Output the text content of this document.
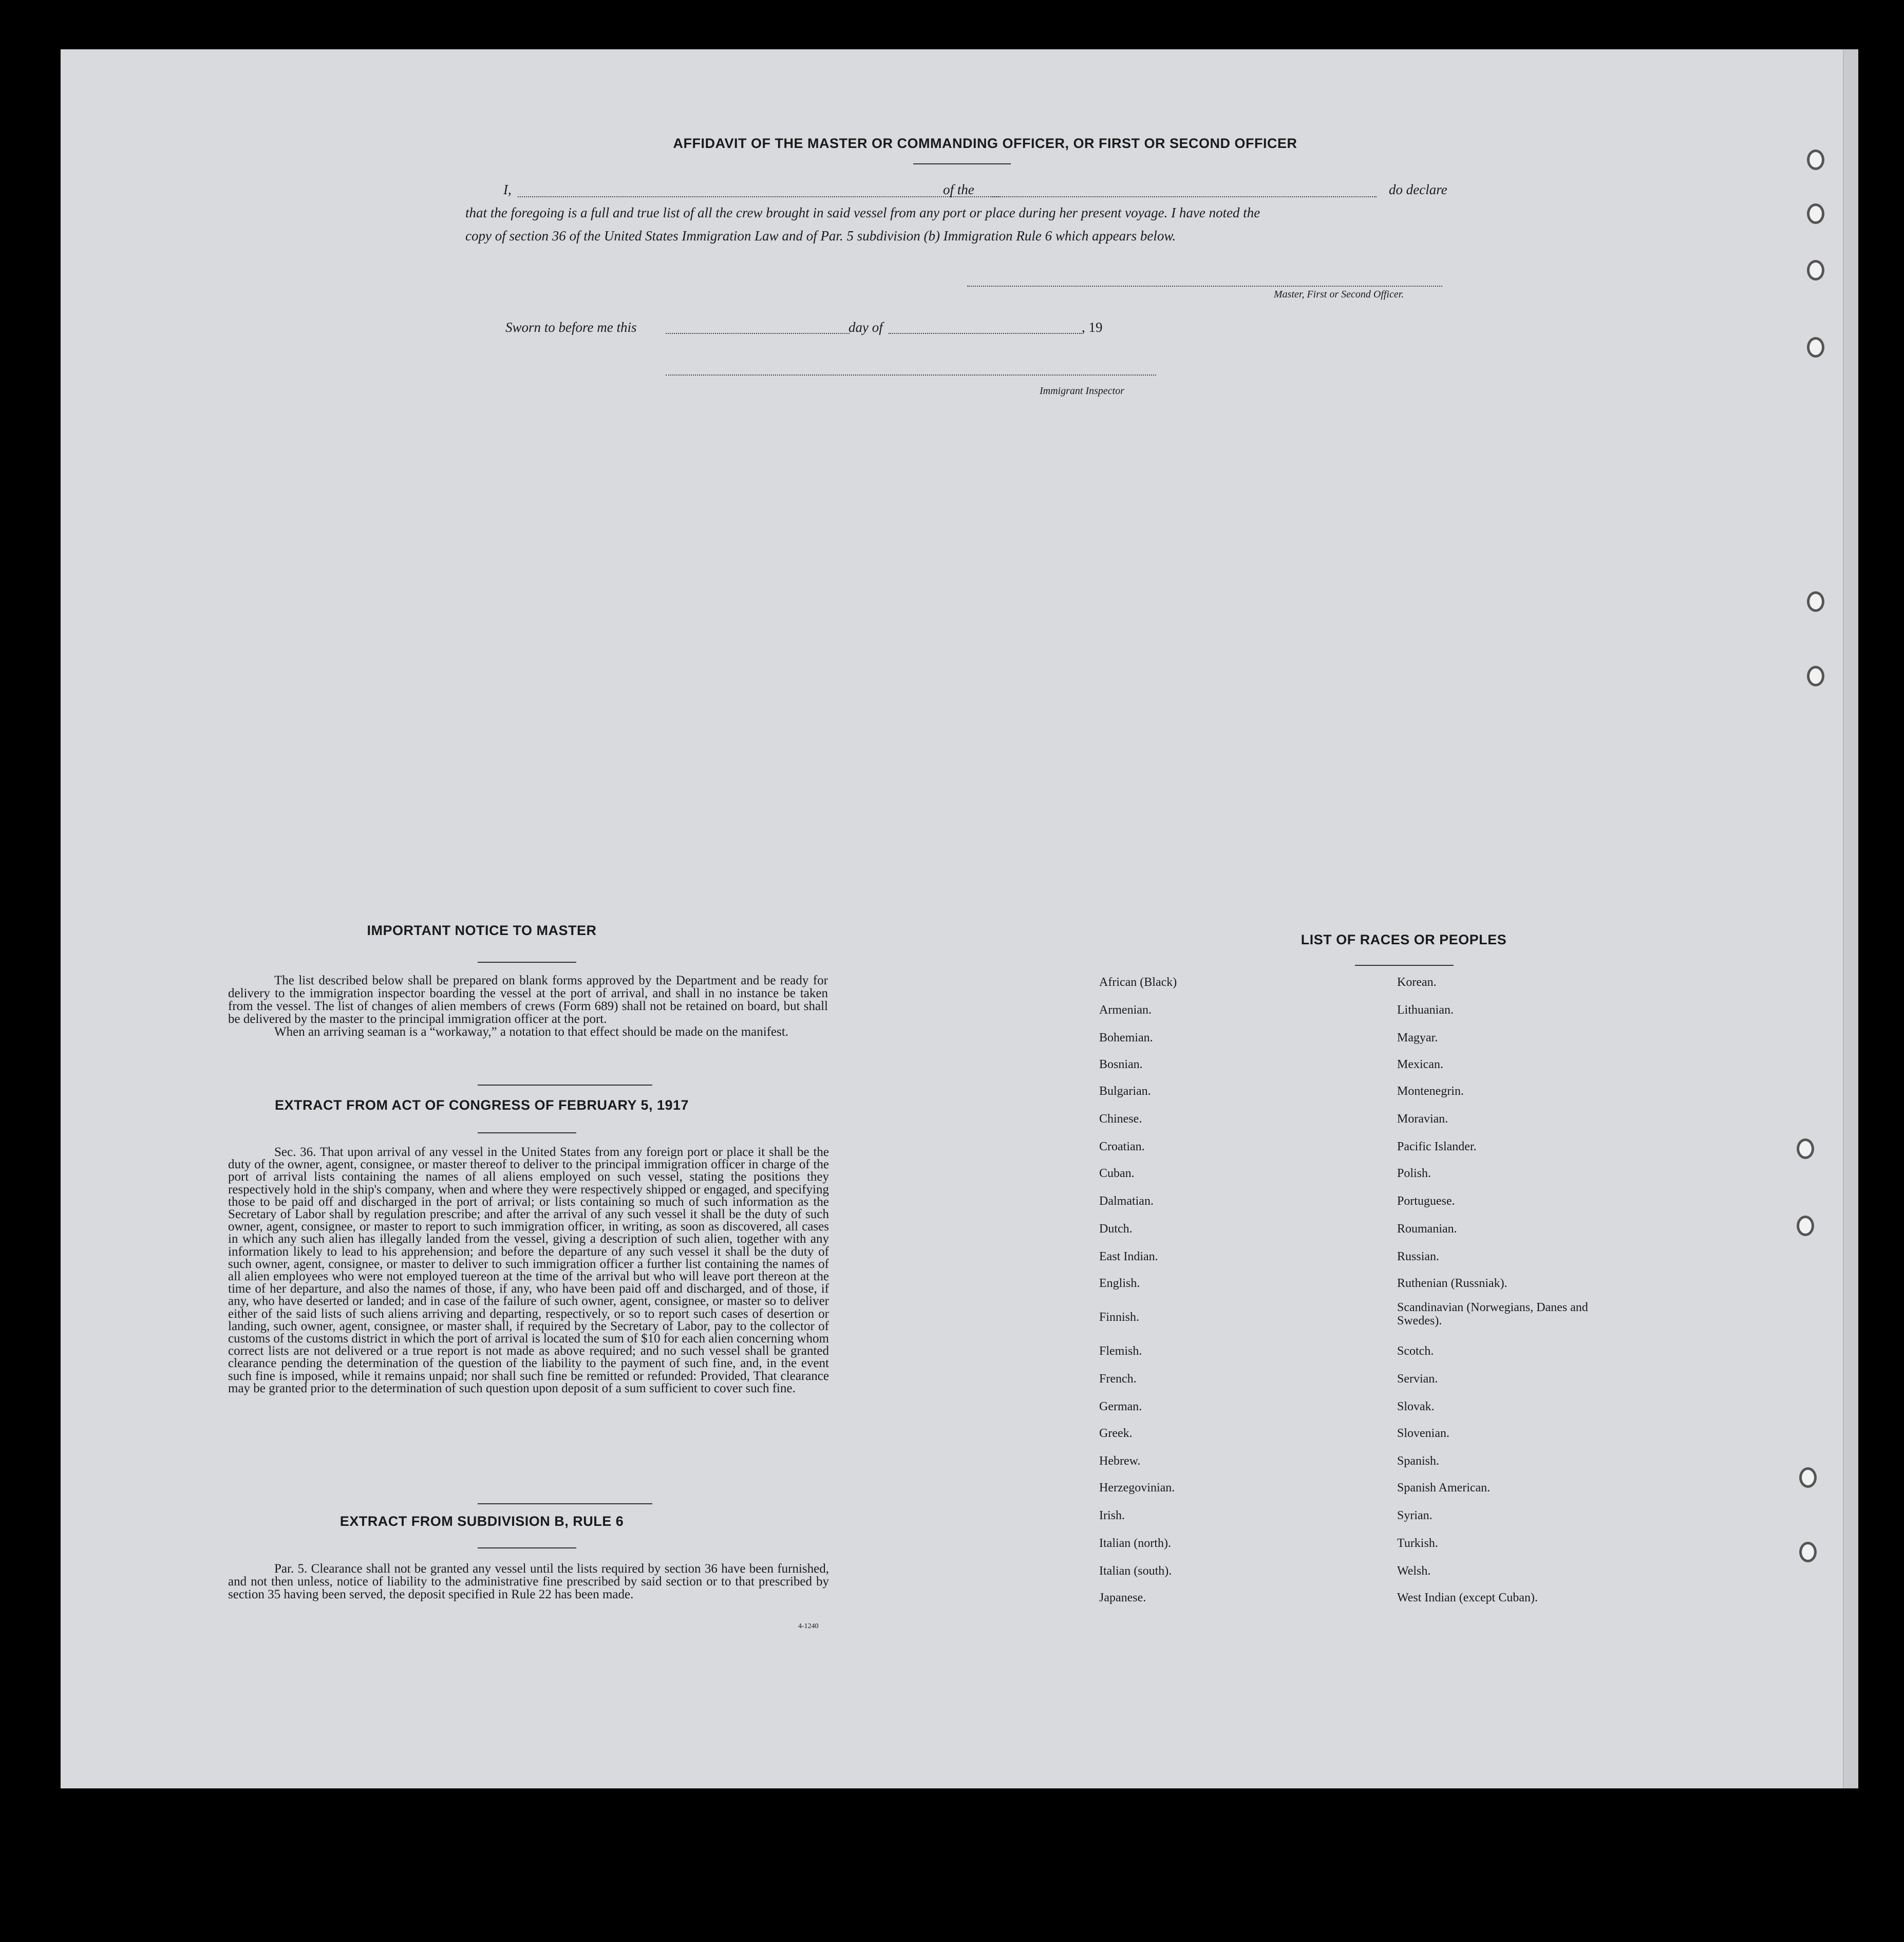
AFFIDAVIT OF THE MASTER OR COMMANDING OFFICER, OR FIRST OR SECOND OFFICER
I,	of the	do declare
that the foregoing is a full and true list of all the crew brought in said vessel from any port or place during her present voyage. I have noted the
copy of section 36 of the United States Immigration Law and of Par. 5 subdivision (b) Immigration Rule 6 which appears below.
Master, First or Second Officer.
Sworn to before me this	day of	, 19
Immigrant Inspector
IMPORTANT NOTICE TO MASTER

The list described below shall be prepared on blank forms approved by the Department and be ready for delivery to the immigration inspector boarding the vessel at the port of arrival, and shall in no instance be taken from the vessel. The list of changes of alien members of crews (Form 689) shall not be retained on board, but shall be delivered by the master to the principal immigration officer at the port.

When an arriving seaman is a “workaway,” a notation to that effect should be made on the manifest.

EXTRACT FROM ACT OF CONGRESS OF FEBRUARY 5, 1917

Sec. 36. That upon arrival of any vessel in the United States from any foreign port or place it shall be the duty of the owner, agent, consignee, or master thereof to deliver to the principal immigration officer in charge of the port of arrival lists containing the names of all aliens employed on such vessel, stating the positions they respectively hold in the ship's company, when and where they were respectively shipped or engaged, and specifying those to be paid off and discharged in the port of arrival; or lists containing so much of such information as the Secretary of Labor shall by regulation prescribe; and after the arrival of any such vessel it shall be the duty of such owner, agent, consignee, or master to report to such immigration officer, in writing, as soon as discovered, all cases in which any such alien has illegally landed from the vessel, giving a description of such alien, together with any information likely to lead to his apprehension; and before the departure of any such vessel it shall be the duty of such owner, agent, consignee, or master to deliver to such immigration officer a further list containing the names of all alien employees who were not employed tuereon at the time of the arrival but who will leave port thereon at the time of her departure, and also the names of those, if any, who have been paid off and discharged, and of those, if any, who have deserted or landed; and in case of the failure of such owner, agent, consignee, or master so to deliver either of the said lists of such aliens arriving and departing, respectively, or so to report such cases of desertion or landing, such owner, agent, consignee, or master shall, if required by the Secretary of Labor, pay to the collector of customs of the customs district in which the port of arrival is located the sum of $10 for each alien concerning whom correct lists are not delivered or a true report is not made as above required; and no such vessel shall be granted clearance pending the determination of the question of the liability to the payment of such fine, and, in the event such fine is imposed, while it remains unpaid; nor shall such fine be remitted or refunded: Provided, That clearance may be granted prior to the determination of such question upon deposit of a sum sufficient to cover such fine.

EXTRACT FROM SUBDIVISION B, RULE 6

Par. 5. Clearance shall not be granted any vessel until the lists required by section 36 have been furnished, and not then unless, notice of liability to the administrative fine prescribed by said section or to that prescribed by section 35 having been served, the deposit specified in Rule 22 has been made.

4-1240
LIST OF RACES OR PEOPLES
African (Black)
Armenian.
Bohemian.
Bosnian.
Bulgarian.
Chinese.
Croatian.
Cuban.
Dalmatian.
Dutch.
East Indian.
English.
Finnish.
Flemish.
French.
German.
Greek.
Hebrew.
Herzegovinian.
Irish.
Italian (north).
Italian (south).
Japanese.
Korean.
Lithuanian.
Magyar.
Mexican.
Montenegrin.
Moravian.
Pacific Islander.
Polish.
Portuguese.
Roumanian.
Russian.
Ruthenian (Russniak).
Scandinavian (Norwegians, Danes and Swedes).
Scotch.
Servian.
Slovak.
Slovenian.
Spanish.
Spanish American.
Syrian.
Turkish.
Welsh.
West Indian (except Cuban).
